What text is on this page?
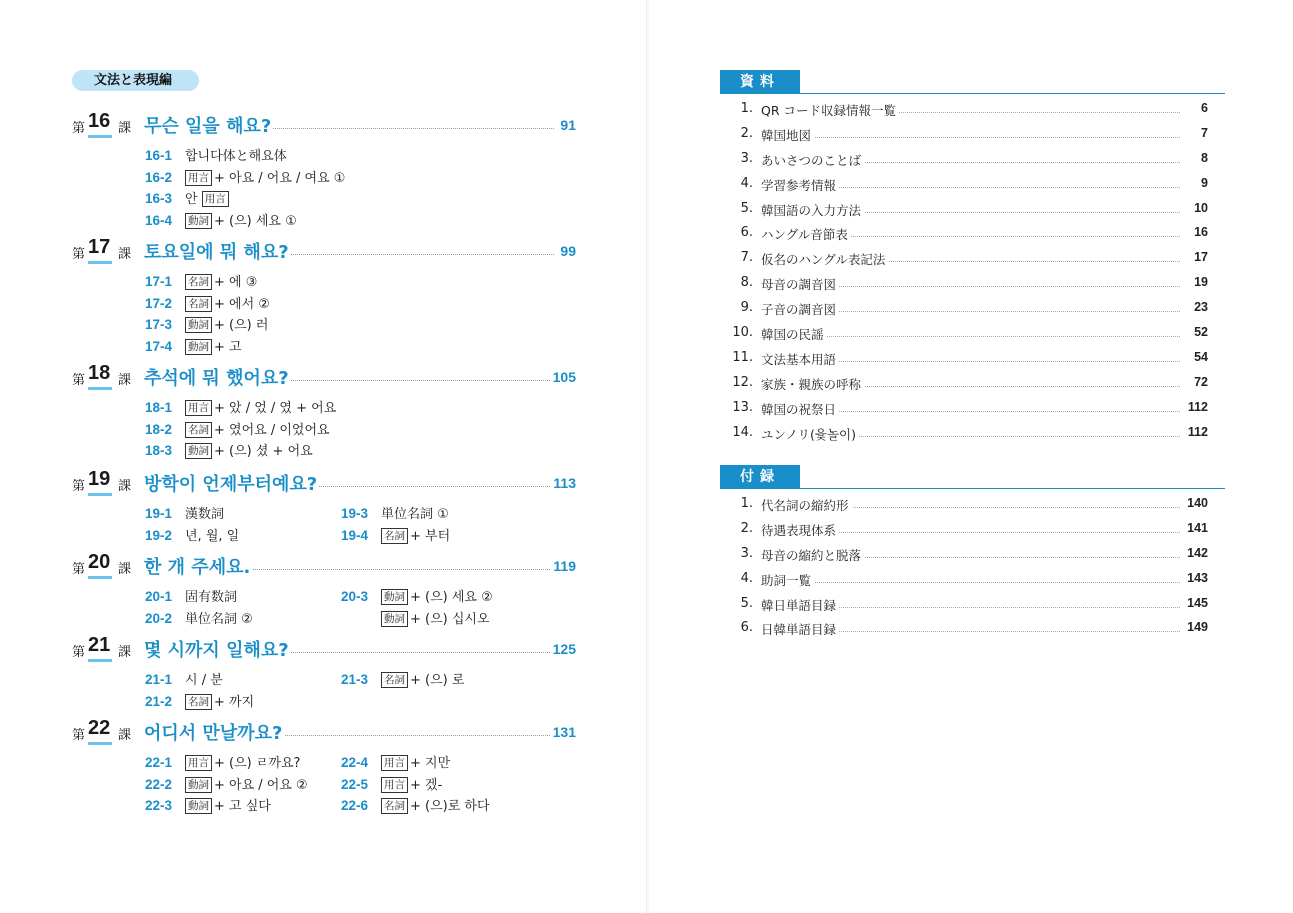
文法と表現編
第 16 課 무슨 일을 해요?	91
16-1 합니다体と해요体
16-2 用言 + 아요 / 어요 / 여요 ①
16-3 안 用言
16-4 動詞 + (으) 세요 ①
第 17 課 토요일에 뭐 해요?	99
17-1 名詞 + 에 ③
17-2 名詞 + 에서 ②
17-3 動詞 + (으) 러
17-4 動詞 + 고
第 18 課 추석에 뭐 했어요?	105
18-1 用言 + 았 / 었 / 였 + 어요
18-2 名詞 + 였어요 / 이었어요
18-3 動詞 + (으) 셨 + 어요
第 19 課 방학이 언제부터예요?	113
19-1 漢数詞	19-3 単位名詞 ①
19-2 년, 월, 일	19-4 名詞 + 부터
第 20 課 한 개 주세요.	119
20-1 固有数詞	20-3 動詞 + (으) 세요 ②
20-2 単位名詞 ②	動詞 + (으) 십시오
第 21 課 몇 시까지 일해요?	125
21-1 시 / 분	21-3 名詞 + (으) 로
21-2 名詞 + 까지
第 22 課 어디서 만날까요?	131
22-1 用言 + (으) ㄹ까요?	22-4 用言 + 지만
22-2 動詞 + 아요 / 어요 ② 22-5 用言 + 겠-
22-3 動詞 + 고 싶다	22-6 名詞 + (으)로 하다
資料
1. QR コード収録情報一覧	6
2. 韓国地図	7
3. あいさつのことば	8
4. 学習参考情報	9
5. 韓国語の入力方法	10
6. ハングル音節表	16
7. 仮名のハングル表記法	17
8. 母音の調音図	19
9. 子音の調音図	23
10. 韓国の民謡	52
11. 文法基本用語	54
12. 家族・親族の呼称	72
13. 韓国の祝祭日	112
14. ユンノリ(윷놀이)	112
付録
1. 代名詞の縮約形	140
2. 待遇表現体系	141
3. 母音の縮約と脱落	142
4. 助詞一覧	143
5. 韓日単語目録	145
6. 日韓単語目録	149
